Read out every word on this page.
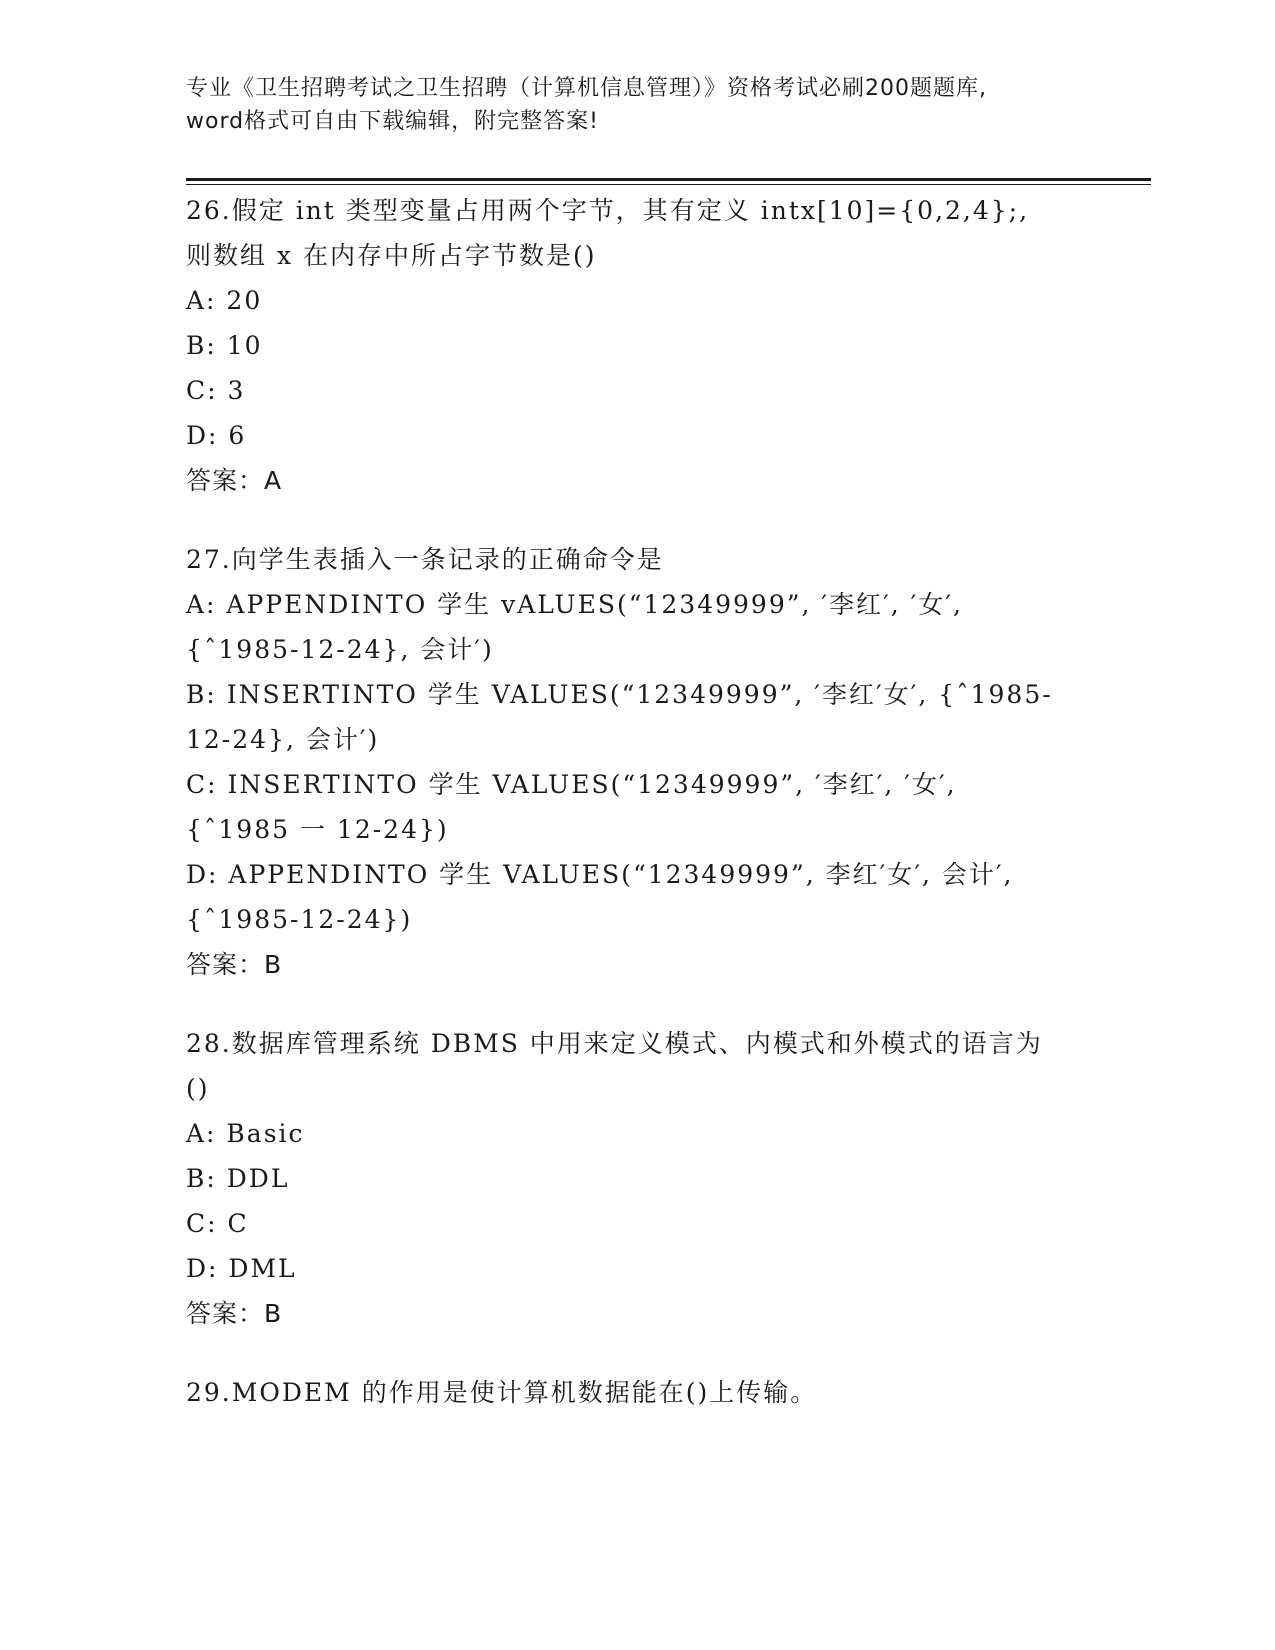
专业《卫生招聘考试之卫生招聘（计算机信息管理）》资格考试必刷200题题库,
word格式可自由下载编辑，附完整答案!
26.假定 int 类型变量占用两个字节，其有定义 intx[10]={0,2,4};,
则数组 x 在内存中所占字节数是()
A: 20
B: 10
C: 3
D: 6
答案：A
27.向学生表插入一条记录的正确命令是
A: APPENDINTO 学生 vALUES(“12349999”, ′李红′, ′女′,
{ˆ1985-12-24}, 会计′)
B: INSERTINTO 学生 VALUES(“12349999”, ′李红′女′, {ˆ1985-
12-24}, 会计′)
C: INSERTINTO 学生 VALUES(“12349999”, ′李红′, ′女′,
{ˆ1985 一 12-24})
D: APPENDINTO 学生 VALUES(“12349999”, 李红′女′, 会计′,
{ˆ1985-12-24})
答案：B
28.数据库管理系统 DBMS 中用来定义模式、内模式和外模式的语言为
()
A: Basic
B: DDL
C: C
D: DML
答案：B
29.MODEM 的作用是使计算机数据能在()上传输。
